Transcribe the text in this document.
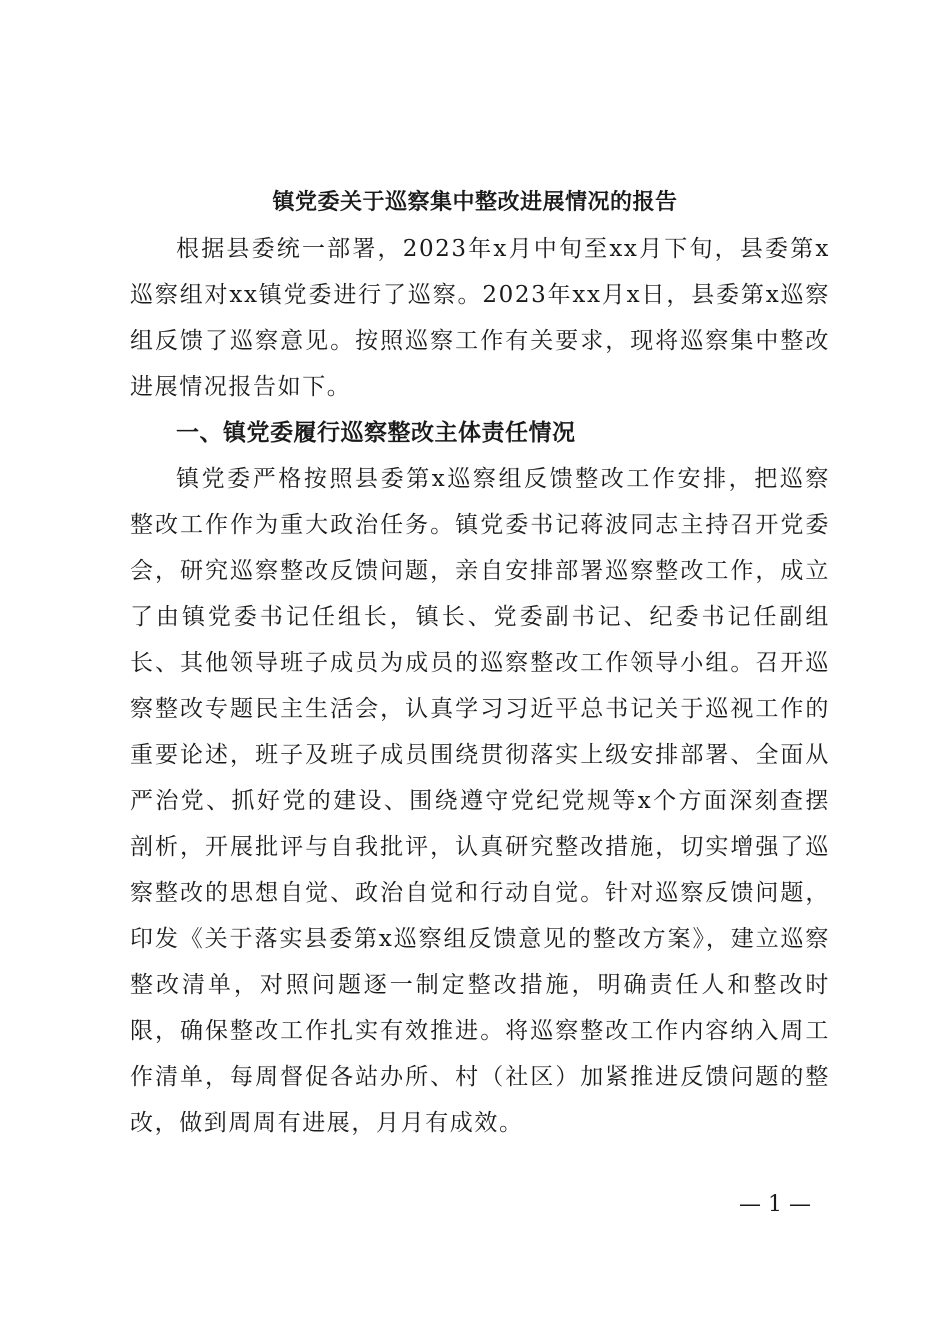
镇党委关于巡察集中整改进展情况的报告

根据县委统一部署，2023年x月中旬至xx月下旬，县委第x巡察组对xx镇党委进行了巡察。2023年xx月x日，县委第x巡察组反馈了巡察意见。按照巡察工作有关要求，现将巡察集中整改进展情况报告如下。

一、镇党委履行巡察整改主体责任情况

镇党委严格按照县委第x巡察组反馈整改工作安排，把巡察整改工作作为重大政治任务。镇党委书记蒋波同志主持召开党委会，研究巡察整改反馈问题，亲自安排部署巡察整改工作，成立了由镇党委书记任组长，镇长、党委副书记、纪委书记任副组长、其他领导班子成员为成员的巡察整改工作领导小组。召开巡察整改专题民主生活会，认真学习习近平总书记关于巡视工作的重要论述，班子及班子成员围绕贯彻落实上级安排部署、全面从严治党、抓好党的建设、围绕遵守党纪党规等x个方面深刻查摆剖析，开展批评与自我批评，认真研究整改措施，切实增强了巡察整改的思想自觉、政治自觉和行动自觉。针对巡察反馈问题，印发《关于落实县委第x巡察组反馈意见的整改方案》，建立巡察整改清单，对照问题逐一制定整改措施，明确责任人和整改时限，确保整改工作扎实有效推进。将巡察整改工作内容纳入周工作清单，每周督促各站办所、村（社区）加紧推进反馈问题的整改，做到周周有进展，月月有成效。

— 1 —
